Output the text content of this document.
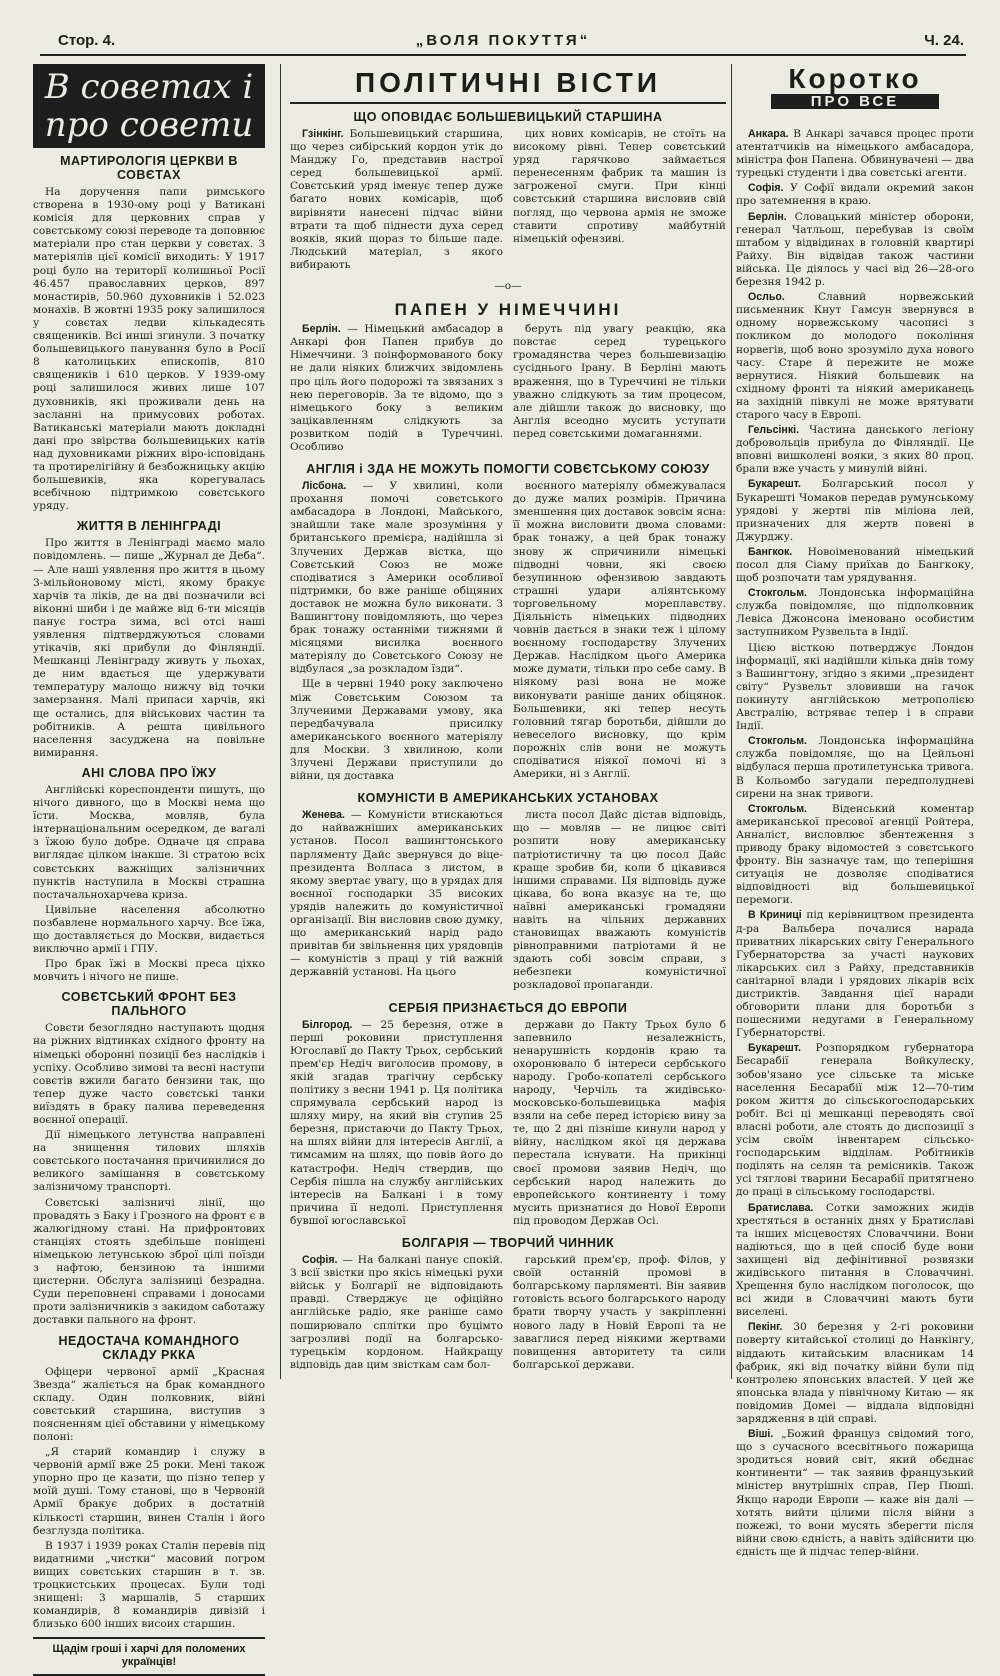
Стор. 4.	„ВОЛЯ ПОКУТТЯ“	Ч. 24.
В советах і про совети
МАРТИРОЛОГІЯ ЦЕРКВИ В СОВЄТАХ

На доручення папи римського створена в 1930-ому році у Ватикані комісія для церковних справ у совєтському союзі переводе та доповнює матеріали про стан церкви у совєтах. З матеріялів цієї комісії виходить: У 1917 році було на території колишньої Росії 46.457 православних церков, 897 монастирів, 50.960 духовників і 52.023 монахів. В жовтні 1935 року залишилося у совєтах ледви кількадесять священиків. Всі инші згинули. З початку большевицького панування було в Росії 8 католицьких епископів, 810 священиків і 610 церков. У 1939-ому році залишилося живих лише 107 духовників, які проживали день на засланні на примусових роботах. Ватиканські матеріали мають докладні дані про звірства большевицьких катів над духовниками ріжних віро-ісповідань та протирелігійну й безбожницьку акцію большевиків, яка корегувалась всебічною підтримкою совєтського уряду.

ЖИТТЯ В ЛЕНІНГРАДІ

Про життя в Ленінграді маємо мало повідомлень. — пише „Журнал де Деба“. — Але наші уявлення про життя в цьому 3-мільйоновому місті, якому бракує харчів та ліків, де на дві позначили всі віконні шиби і де майже від 6-ти місяців панує гостра зима, всі отсі наші уявлення підтверджуються словами утікачів, які прибули до Фінляндії. Мешканці Ленінграду живуть у льохах, де ним вдається ще удержувати температуру малощо нижчу від точки замерзання. Малі припаси харчів, які ще остались, для військових частин та робітників. А решта цивільного населення засуджена на повільне вимирання.

АНІ СЛОВА ПРО ЇЖУ

Англійські кореспонденти пишуть, що нічого дивного, що в Москві нема що їсти. Москва, мовляв, була інтернаціональним осередком, де вагалі з їжою було добре. Одначе ця справа виглядає цілком інакше. Зі стратою всіх совєтських важніщих залізничних пунктів наступила в Москві страшна постачальнохарчева криза.

Цивільне населення абсолютно позбавлене нормального харчу. Все їжа, що доставляється до Москви, видається виключно армії і ГПУ.

Про брак їжі в Москві преса ціхко мовчить і нічого не пише.

СОВЄТСЬКИЙ ФРОНТ БЕЗ ПАЛЬНОГО

Совєти безоглядно наступають щодня на ріжних відтинках східного фронту на німецькі оборонні позиції без наслідків і успіху. Особливо зимові та весні наступи совєтів вжили багато бензини так, що тепер дуже часто совєтські танки виїздять в браку палива переведення воєнної операції.

Дії німецького летунства направлені на знищення тилових шляхів совєтського постачання причинилися до великого замішання в совєтському залізничому транспорті.

Совєтські залізничі лінії, що провадять з Баку і Грозного на фронт є в жалюгідному стані. На прифронтових станціях стоять здебільше поніщені німецькою летунською зброї цілі поїзди з нафтою, бензиною та іншими цистерни. Обслуга залізниці безрадна. Суди переповнені справами і доносами проти залізничників з закидом саботажу доставки пального на фронт.

НЕДОСТАЧА КОМАНДНОГО СКЛАДУ РККА

Офіцери червоної армії „Красная Звезда“ жаліється на брак командного складу. Один полковник, війні совєтський старшина, виступив з поясненням цієї обставини у німецькому полоні:

„Я старий командир і служу в червоній армії вже 25 роки. Мені також упорно про це казати, що пізно тепер у моїй душі. Тому станові, що в Червоній Армії бракує добрих в достатній кількості старшин, винен Сталін і його безглузда політика.

В 1937 і 1939 роках Сталін перевів під видатними „чистки“ масовий погром вищих совєтських старшин в т. зв. троцкистських процесах. Були тоді знищені: 3 маршалів, 5 старших командирів, 8 командирів дивізій і близько 600 інших висоих старшин.

Щадім гроші і харчі для поломених українців!
ПОЛІТИЧНІ ВІСТИ
ЩО ОПОВІДАЄ БОЛЬШЕВИЦЬКИЙ СТАРШИНА

Гзінкінг. Большевицький старшина, що через сибірський кордон утік до Манджу Го, представив настрої серед большевицької армії. Совєтський уряд іменує тепер дуже багато нових комісарів, щоб вирівняти нанесені підчас війни втрати та щоб піднести духа серед вояків, який щораз то більше паде. Людський матеріал, з якого вибирають

цих нових комісарів, не стоїть на високому рівні. Тепер совєтський уряд гарячково займається перенесенням фабрик та машин із загроженої смуги. При кінці совєтський старшина висловив свій погляд, що червона армія не зможе ставити спротиву майбутній німецькій офензиві.

—о—
ПАПЕН У НІМЕЧЧИНІ

Берлін. — Німецький амбасадор в Анкарі фон Папен прибув до Німеччини. З поінформованого боку не дали ніяких ближчих звідомлень про ціль його подорожі та звязаних з нею переговорів. За те відомо, що з німецького боку з великим зацікавленням слідкують за розвитком подій в Туреччині. Особливо

беруть під увагу реакцію, яка повстає серед турецького громадянства через большевизацію сусіднього Ірану. В Берліні мають враження, що в Туреччині не тільки уважно слідкують за тим процесом, але дійшли також до висновку, що Англія всеодно мусить уступати перед совєтськими домаганнями.

АНГЛІЯ і ЗДА НЕ МОЖУТЬ ПОМОГТИ СОВЄТСЬКОМУ СОЮЗУ

Лісбона. — У хвилині, коли прохання помочі совєтського амбасадора в Лондоні, Майського, знайшли таке мале зрозуміння у британського премієра, надійшла зі Злучених Держав вістка, що Совєтський Союз не може сподіватися з Америки особливої підтримки, бо вже раніше обіцяних доставок не можна було виконати. З Вашингтону повідомляють, що через брак тонажу останніми тижнями й місяцями висилка воєнного матеріялу до Совєтського Союзу не відбулася „за розкладом їзди“.

Ще в червні 1940 року заключено між Совєтським Союзом та Злученими Державами умову, яка передбачувала присилку американського воєнного матеріялу для Москви. З хвилиною, коли Злучені Держави приступили до війни, ця доставка

воєнного матеріялу обмежувалася до дуже малих розмірів. Причина зменшення цих доставок зовсім ясна: її можна висловити двома словами: брак тонажу, а цей брак тонажу знову ж спричинили німецькі підводні човни, які своєю безупинною офензивою завдають страшні удари аліянтському торговельному мореплавству. Діяльність німецьких підводних човнів дається в знаки теж і цілому воєнному господарству Злучених Держав. Наслідком цього Америка може думати, тільки про себе саму. В ніякому разі вона не може виконувати раніше даних обіцянок. Большевики, які тепер несуть головний тягар боротьби, дійшли до невеселого висновку, що крім порожніх слів вони не можуть сподіватися ніякої помочі ні з Америки, ні з Англії.

КОМУНІСТИ В АМЕРИКАНСЬКИХ УСТАНОВАХ

Женева. — Комуністи втискаються до найважніших американських установ. Посол вашингтонського парляменту Дайс звернувся до віце-президента Волласа з листом, в якому звертає увагу, що в урядах для воєнної господарки 35 високих урядів належить до комуністичної організації. Він висловив свою думку, що американський нарід радо привітав би звільнення цих урядовців — комуністів з праці у тій важній державній установі. На цього

листа посол Дайс дістав відповідь, що — мовляв — не лицює світі розпити нову американську патріотистичну та цю посол Дайс краще зробив би, коли б цікавився іншими справами. Ця відповідь дуже цікава, бо вона вказує на те, що наївні американські громадяни навіть на чільних державних становищах вважають комуністів рівноправними патріотами й не здають собі зовсім справи, з небезпеки комуністичної розкладової пропаганди.

СЕРБІЯ ПРИЗНАЄТЬСЯ ДО ЕВРОПИ

Білгород. — 25 березня, отже в перші роковини приступлення Югославії до Пакту Трьох, сербський прем'єр Недіч виголосив промову, в якій згадав трагічну сербську політику з весни 1941 р. Ця політика спрямувала сербський народ із шляху миру, на який він ступив 25 березня, пристаючи до Пакту Трьох, на шлях війни для інтересів Англії, а тимсамим на шлях, що повів його до катастрофи. Недіч ствердив, що Сербія пішла на службу англійських інтересів на Балкані і в тому причина її недолі. Приступлення бувшої югославської

держави до Пакту Трьох було б запевнило незалежність, ненарушність кордонів краю та охоронювало б інтереси сербського народу. Гробо-копателі сербського народу, Черчіль та жидівсько-московсько-большевицька мафія взяли на себе перед історією вину за те, що 2 дні пізніше кинули народ у війну, наслідком якої ця держава перестала існувати. На прикінці своєї промови заявив Недіч, що сербський народ належить до европейського континенту і тому мусить признатися до Нової Европи під проводом Держав Осі.

БОЛГАРІЯ — ТВОРЧИЙ ЧИННИК

Софія. — На балкані панує спокій. З всії звістки про якісь німецькі рухи військ у Болгарії не відповідають правді. Стверджує це офіційно англійське радіо, яке раніше само поширювало сплітки про буцімто загрозливі події на болгарсько-турецькім кордоном. Найкращу відповідь дав цим звісткам сам бол-

гарський прем'єр, проф. Філов, у своїй останній промові в болгарському парляменті. Він заявив готовість всього болгарського народу брати творчу участь у закріпленні нового ладу в Новій Европі та не заваглися перед ніякими жертвами повищення авторитету та сили болгарської держави.

Коротко
ПРО ВСЕ

Анкара. В Анкарі зачався процес проти атентатчиків на німецького амбасадора, міністра фон Папена. Обвинувачені — два турецькі студенти і два совєтські агенти.

Софія. У Софії видали окремий закон про затемнення в краю.

Берлін. Словацький міністер оборони, генерал Чатльош, перебував із своїм штабом у відвідинах в головній квартирі Райху. Він відвідав також частини війська. Це діялось у часі від 26—28-ого березня 1942 р.

Осльо.	Славний норвежський письменник Кнут Гамсун звернувся в одному норвежському часописі з покликом до молодого покоління норвегів, щоб воно зрозуміло духа нового часу. Старе й пережите не може вернутися. Ніякий большевик на східному фронті та ніякий американець на західній півкулі не може врятувати старого часу в Европі.

Гельсінкі. Частина данського легіону добровольців прибула до Фінляндії. Це вповні вишколені вояки, з яких 80 проц. брали вже участь у минулій війні.

Букарешт. Болгарський посол у Букарешті Чомаков передав румунському урядові у жертві пів міліона лей, призначених для жертв повені в Джурджу.

Бангкок. Новоіменований німецький посол для Сіаму приїхав до Бангкоку, щоб розпочати там урядування.

Стокгольм. Лондонська інформаційна служба повідомляє, що підполковник Левіса Джонсона іменовано особистим заступником Рузвельта в Індії.

Цією вісткою потверджує Лондон інформації, які надійшли кілька днів тому з Вашингтону, згідно з якими „президент світу“ Рузвельт зловивши на гачок покинуту англійською метрополією Австралію, встряває тепер і в справи Індії.

Стокгольм. Лондонська інформаційна служба повідомляє, що на Цейльоні відбулася перша протилетунська тривога. В Кольомбо загудали передполудневі сирени на знак тривоги.

Стокгольм. Віденський коментар американської пресової агенції Ройтера, Анналіст, висловлює збентеження з приводу браку відомостей з совєтського фронту. Він зазначує там, що теперішня ситуація не дозволяє сподіватися відповідності від большевицької перемоги.

В Криниці під керівництвом президента д-ра Вальбера почалися нарада приватних лікарських світу Генерального Губернаторства за участі наукових лікарських сил з Райху, представників санітарної влади і урядових лікарів всіх дистриктів. Завдання цієї наради обговорити плани для боротьби з пошесними недугами в Генеральному Губернаторстві.

Букарешт. Розпорядком губернатора Бесарабії генерала Войкулеску, зобов'язано усе сільське та міське населення Бесарабії між 12—70-тим роком життя до сільськогосподарських робіт. Всі ці мешканці переводять свої власні роботи, але стоять до диспозиції з усім своїм інвентарем сільсько-господарським відділам. Робітників поділять на селян та ремісників. Також усі тяглові тварини Бесарабії притягнено до праці в сільському господарстві.

Братислава. Сотки заможних жидів хрестяться в останніх днях у Братиславі та інших місцевостях Словаччини. Вони надіються, що в цей спосіб буде вони захищені від дефінітивної розвязки жидівського питання в Словаччині. Хрещення було наслідком поголосок, що всі жиди в Словаччині мають бути виселені.

Пекінг. 30 березня у 2-гі роковини поверту китайської столиці до Нанкінгу, віддають китайським власникам 14 фабрик, які від початку війни були під контролею японських властей. У цей же японська влада у північному Китаю — як повідомив Домеі — віддала відповідні зарядження в цій справі.

Віші. „Божий француз свідомий того, що з сучасного всесвітнього пожарища зродиться новий світ, який обєднає континенти“ — так заявив французький міністер внутрішніх справ, Пер Пюші. Якщо народи Европи — каже він далі — хотять вийти цілими після війни з пожежі, то вони мусять зберегти після війни свою єдність, а навіть здійснити цю єдність ще й підчас тепер-війни.
